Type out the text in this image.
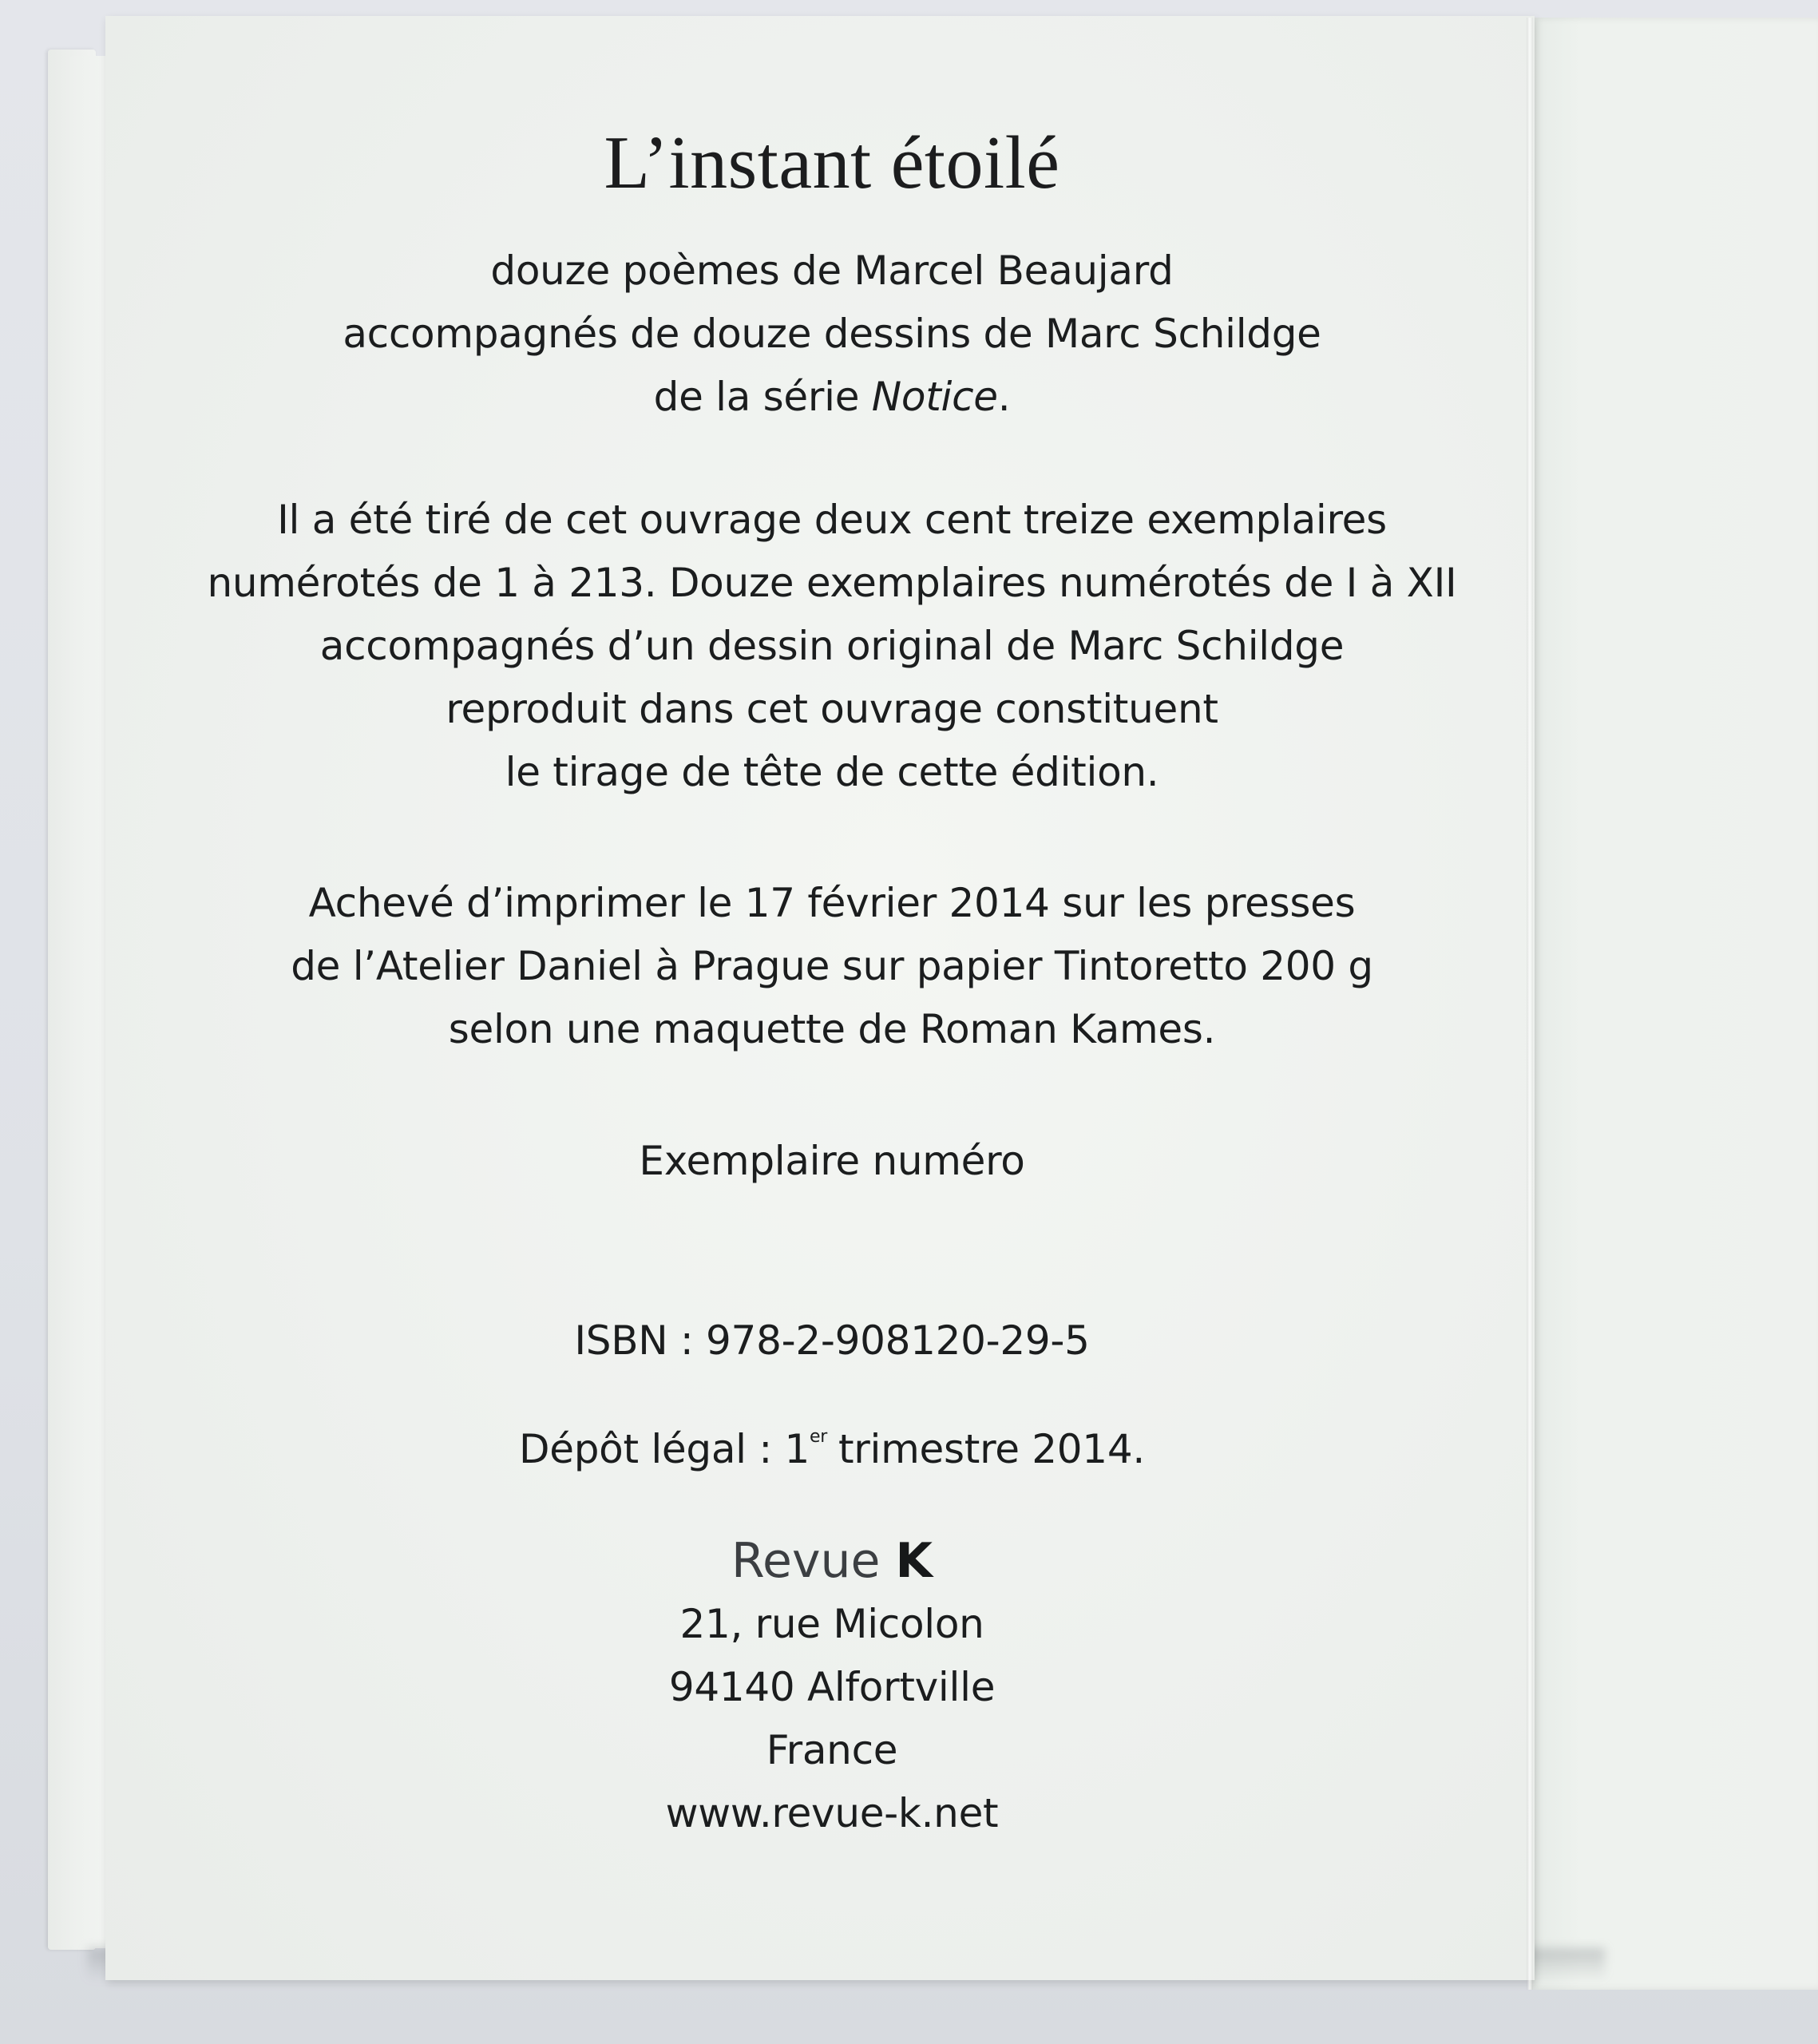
L’instant étoilé
douze poèmes de Marcel Beaujard
accompagnés de douze dessins de Marc Schildge
de la série Notice.
Il a été tiré de cet ouvrage deux cent treize exemplaires
numérotés de 1 à 213. Douze exemplaires numérotés de I à XII
accompagnés d’un dessin original de Marc Schildge
reproduit dans cet ouvrage constituent
le tirage de tête de cette édition.
Achevé d’imprimer le 17 février 2014 sur les presses
de l’Atelier Daniel à Prague sur papier Tintoretto 200 g
selon une maquette de Roman Kames.
Exemplaire numéro
ISBN : 978-2-908120-29-5
Dépôt légal : 1er trimestre 2014.
Revue K
21, rue Micolon
94140 Alfortville
France
www.revue-k.net
